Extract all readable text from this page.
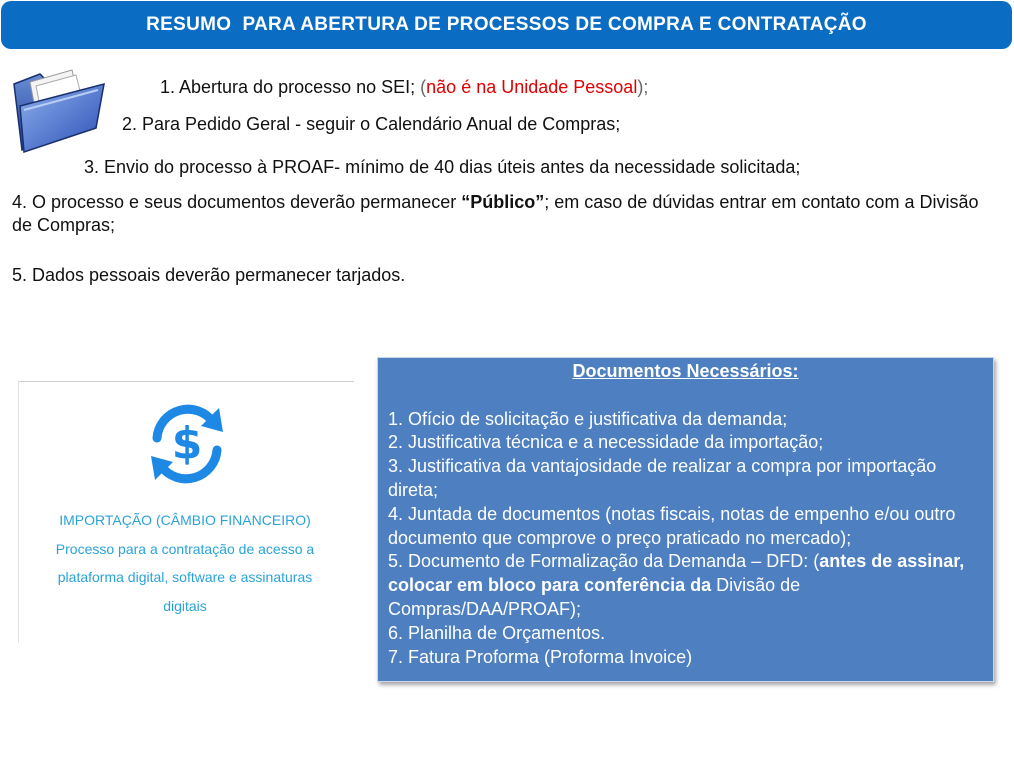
RESUMO  PARA ABERTURA DE PROCESSOS DE COMPRA E CONTRATAÇÃO
1. Abertura do processo no SEI; (não é na Unidade Pessoal);
2. Para Pedido Geral - seguir o Calendário Anual de Compras;
3. Envio do processo à PROAF- mínimo de 40 dias úteis antes da necessidade solicitada;
4. O processo e seus documentos deverão permanecer “Público”; em caso de dúvidas entrar em contato com a Divisão de Compras;
5. Dados pessoais deverão permanecer tarjados.
$
IMPORTAÇÃO (CÂMBIO FINANCEIRO)
Processo para a contratação de acesso a
plataforma digital, software e assinaturas
digitais
Documentos Necessários:
1. Ofício de solicitação e justificativa da demanda;
2. Justificativa técnica e a necessidade da importação;
3. Justificativa da vantajosidade de realizar a compra por importação direta;
4. Juntada de documentos (notas fiscais, notas de empenho e/ou outro documento que comprove o preço praticado no mercado);
5. Documento de Formalização da Demanda – DFD: (antes de assinar, colocar em bloco para conferência da Divisão de Compras/DAA/PROAF);
6. Planilha de Orçamentos.
7. Fatura Proforma (Proforma Invoice)
